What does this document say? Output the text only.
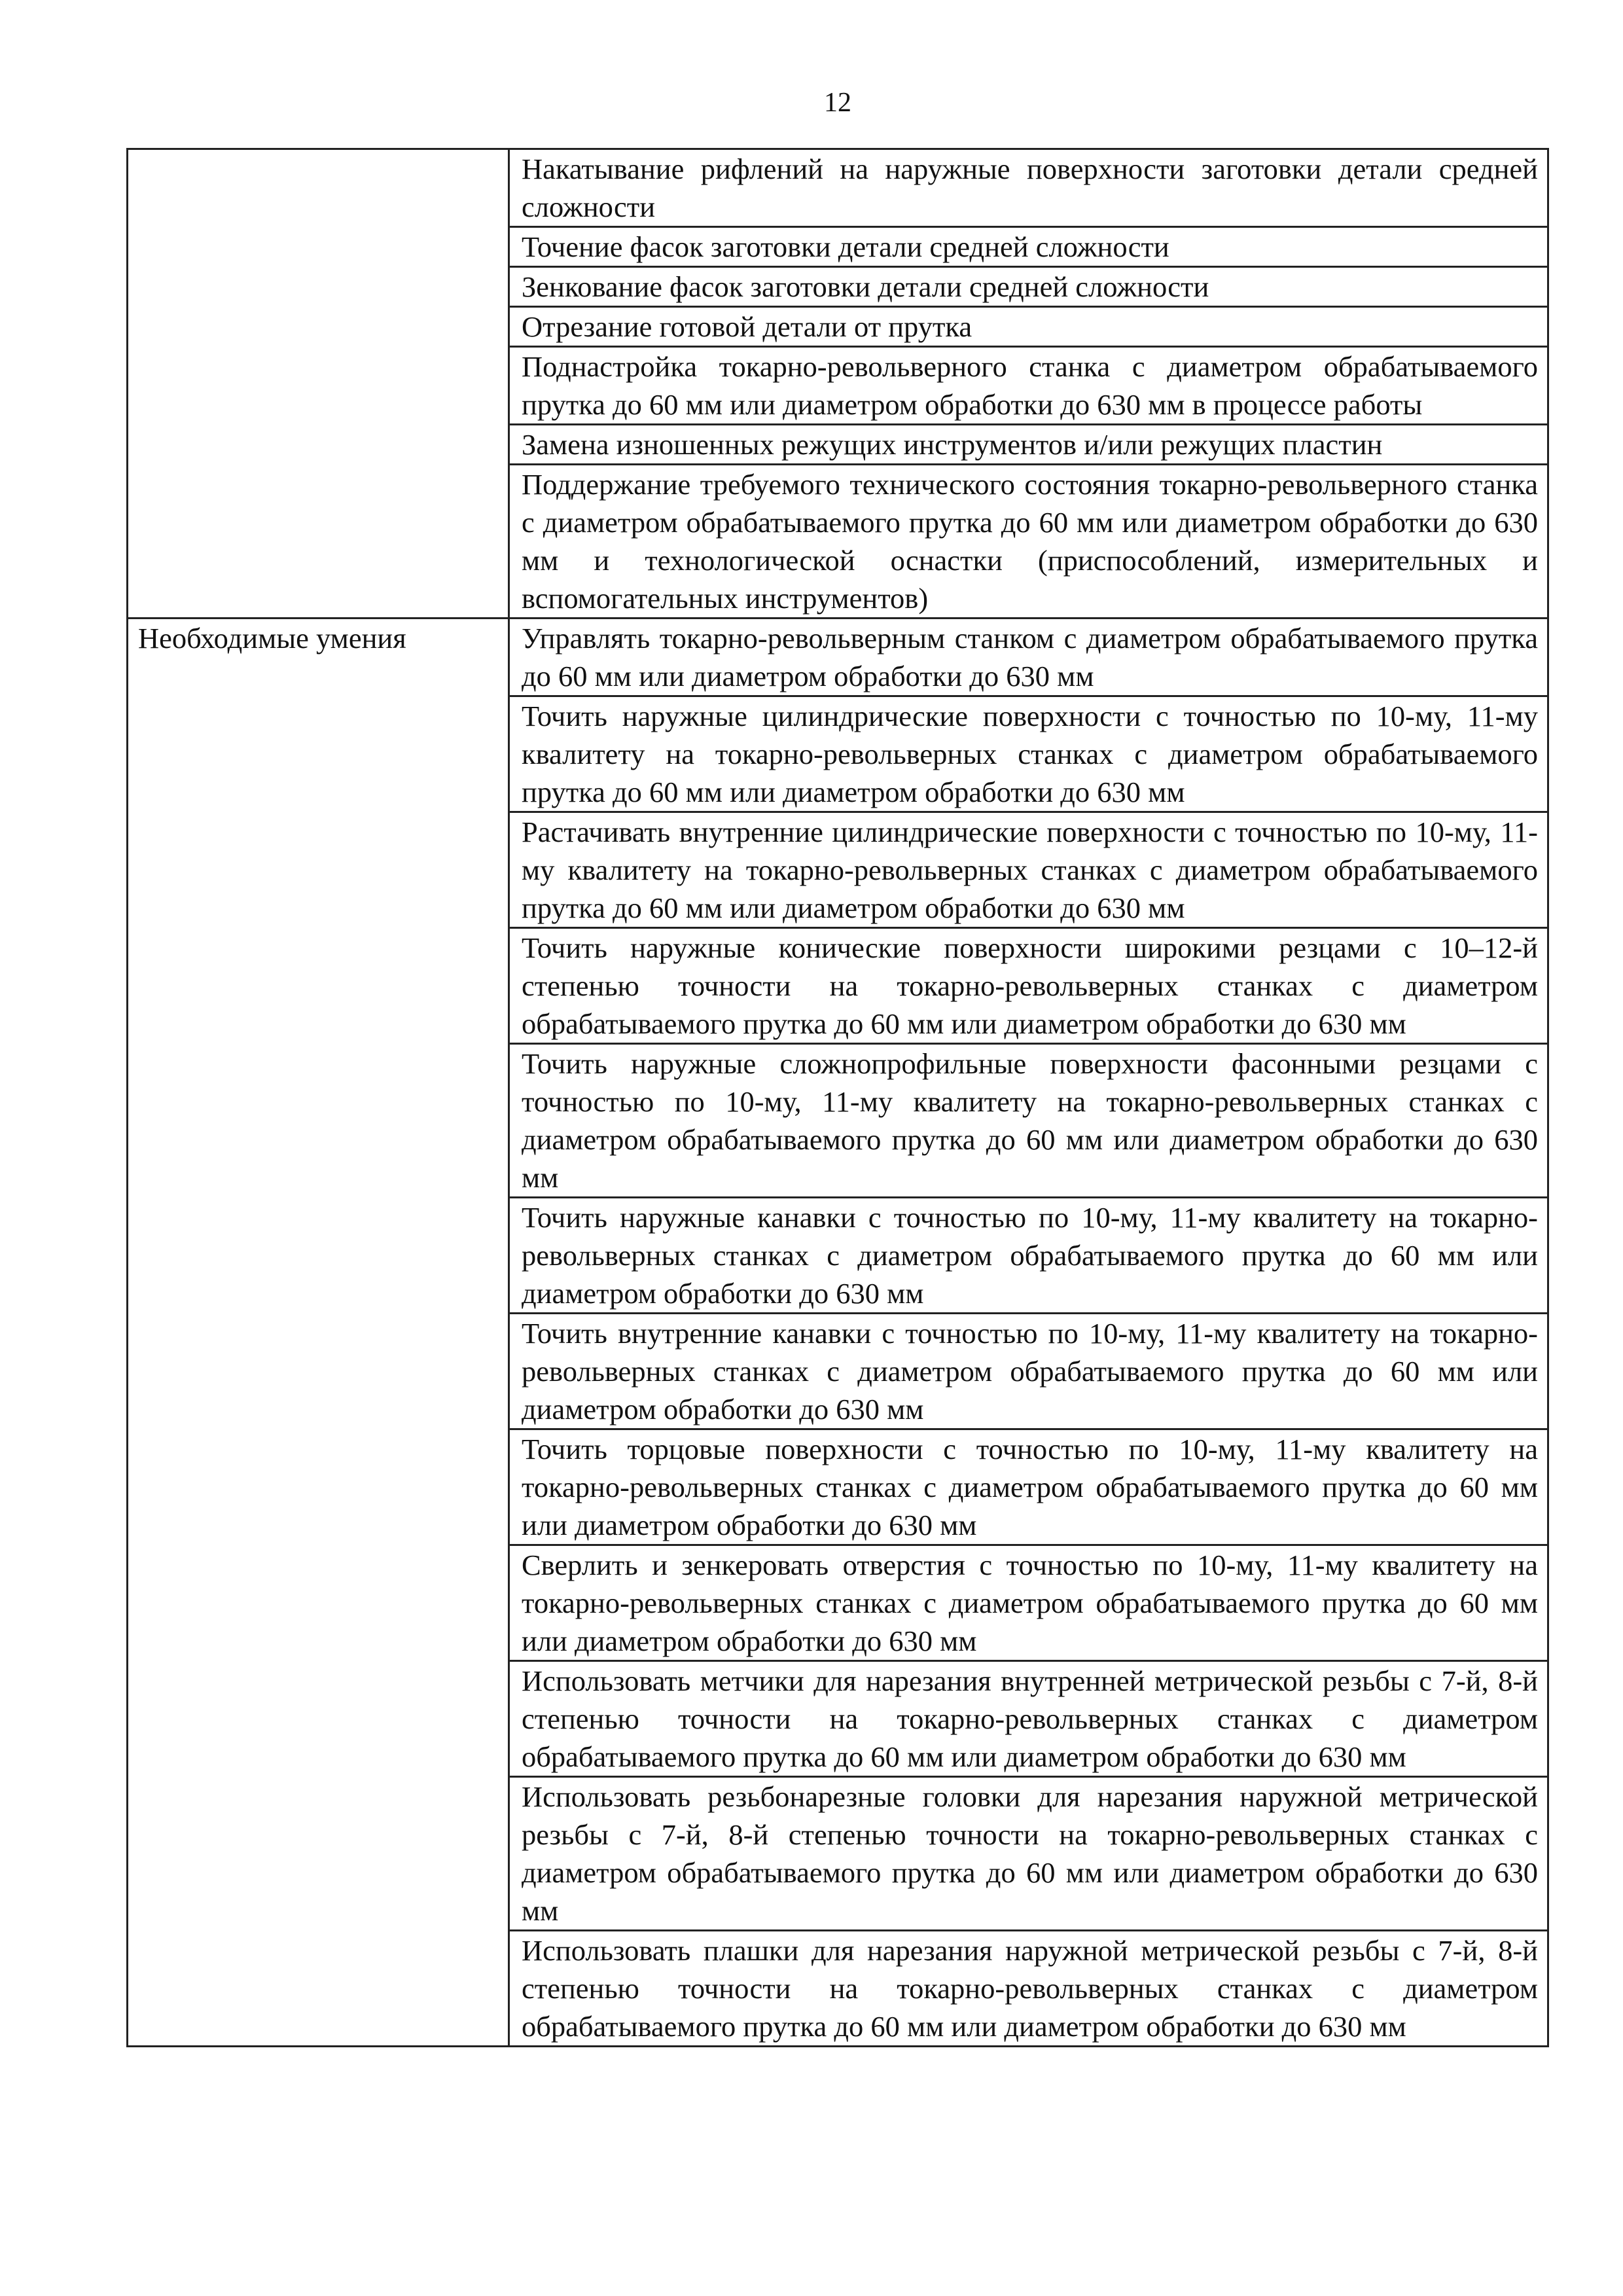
12
	Накатывание рифлений на наружные поверхности заготовки детали средней сложности
	Точение фасок заготовки детали средней сложности
	Зенкование фасок заготовки детали средней сложности
	Отрезание готовой детали от прутка
	Поднастройка токарно-револьверного станка с диаметром обрабатываемого прутка до 60 мм или диаметром обработки до 630 мм в процессе работы
	Замена изношенных режущих инструментов и/или режущих пластин
	Поддержание требуемого технического состояния токарно-револьверного станка с диаметром обрабатываемого прутка до 60 мм или диаметром обработки до 630 мм и технологической оснастки (приспособлений, измерительных и вспомогательных инструментов)
Необходимые умения	Управлять токарно-револьверным станком с диаметром обрабатываемого прутка до 60 мм или диаметром обработки до 630 мм
	Точить наружные цилиндрические поверхности с точностью по 10-му, 11-му квалитету на токарно-револьверных станках с диаметром обрабатываемого прутка до 60 мм или диаметром обработки до 630 мм
	Растачивать внутренние цилиндрические поверхности с точностью по 10-му, 11-му квалитету на токарно-револьверных станках с диаметром обрабатываемого прутка до 60 мм или диаметром обработки до 630 мм
	Точить наружные конические поверхности широкими резцами с 10–12-й степенью точности на токарно-револьверных станках с диаметром обрабатываемого прутка до 60 мм или диаметром обработки до 630 мм
	Точить наружные сложнопрофильные поверхности фасонными резцами с точностью по 10-му, 11-му квалитету на токарно-револьверных станках с диаметром обрабатываемого прутка до 60 мм или диаметром обработки до 630 мм
	Точить наружные канавки с точностью по 10-му, 11-му квалитету на токарно-револьверных станках с диаметром обрабатываемого прутка до 60 мм или диаметром обработки до 630 мм
	Точить внутренние канавки с точностью по 10-му, 11-му квалитету на токарно-револьверных станках с диаметром обрабатываемого прутка до 60 мм или диаметром обработки до 630 мм
	Точить торцовые поверхности с точностью по 10-му, 11-му квалитету на токарно-револьверных станках с диаметром обрабатываемого прутка до 60 мм или диаметром обработки до 630 мм
	Сверлить и зенкеровать отверстия с точностью по 10-му, 11-му квалитету на токарно-револьверных станках с диаметром обрабатываемого прутка до 60 мм или диаметром обработки до 630 мм
	Использовать метчики для нарезания внутренней метрической резьбы с 7-й, 8-й степенью точности на токарно-револьверных станках с диаметром обрабатываемого прутка до 60 мм или диаметром обработки до 630 мм
	Использовать резьбонарезные головки для нарезания наружной метрической резьбы с 7-й, 8-й степенью точности на токарно-револьверных станках с диаметром обрабатываемого прутка до 60 мм или диаметром обработки до 630 мм
	Использовать плашки для нарезания наружной метрической резьбы с 7-й, 8-й степенью точности на токарно-револьверных станках с диаметром обрабатываемого прутка до 60 мм или диаметром обработки до 630 мм
